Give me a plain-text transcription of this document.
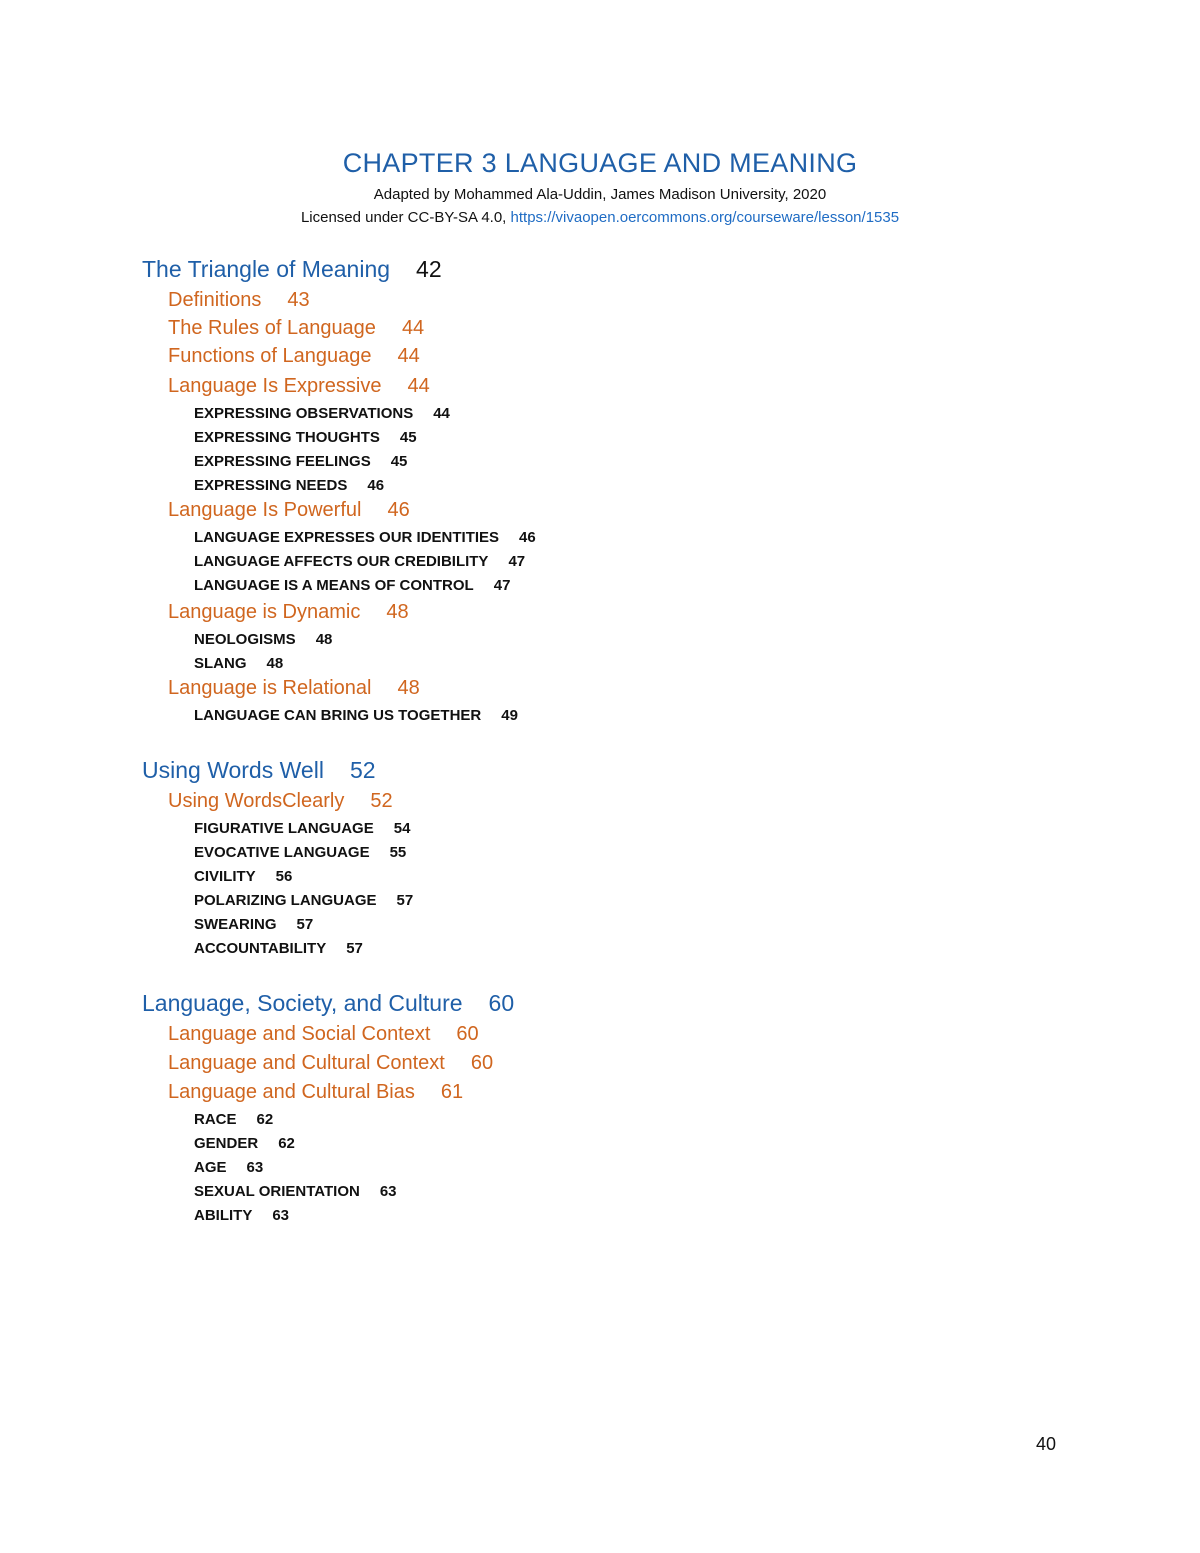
CHAPTER 3 LANGUAGE AND MEANING
Adapted by Mohammed Ala-Uddin, James Madison University, 2020
Licensed under CC-BY-SA 4.0, https://vivaopen.oercommons.org/courseware/lesson/1535
The Triangle of Meaning 42
Definitions 43
The Rules of Language 44
Functions of Language 44
Language Is Expressive 44
EXPRESSING OBSERVATIONS 44
EXPRESSING THOUGHTS 45
EXPRESSING FEELINGS 45
EXPRESSING NEEDS 46
Language Is Powerful 46
LANGUAGE EXPRESSES OUR IDENTITIES 46
LANGUAGE AFFECTS OUR CREDIBILITY 47
LANGUAGE IS A MEANS OF CONTROL 47
Language is Dynamic 48
NEOLOGISMS 48
SLANG 48
Language is Relational 48
LANGUAGE CAN BRING US TOGETHER 49
Using Words Well 52
Using WordsClearly 52
FIGURATIVE LANGUAGE 54
EVOCATIVE LANGUAGE 55
CIVILITY 56
POLARIZING LANGUAGE 57
SWEARING 57
ACCOUNTABILITY 57
Language, Society, and Culture 60
Language and Social Context 60
Language and Cultural Context 60
Language and Cultural Bias 61
RACE 62
GENDER 62
AGE 63
SEXUAL ORIENTATION 63
ABILITY 63
40
